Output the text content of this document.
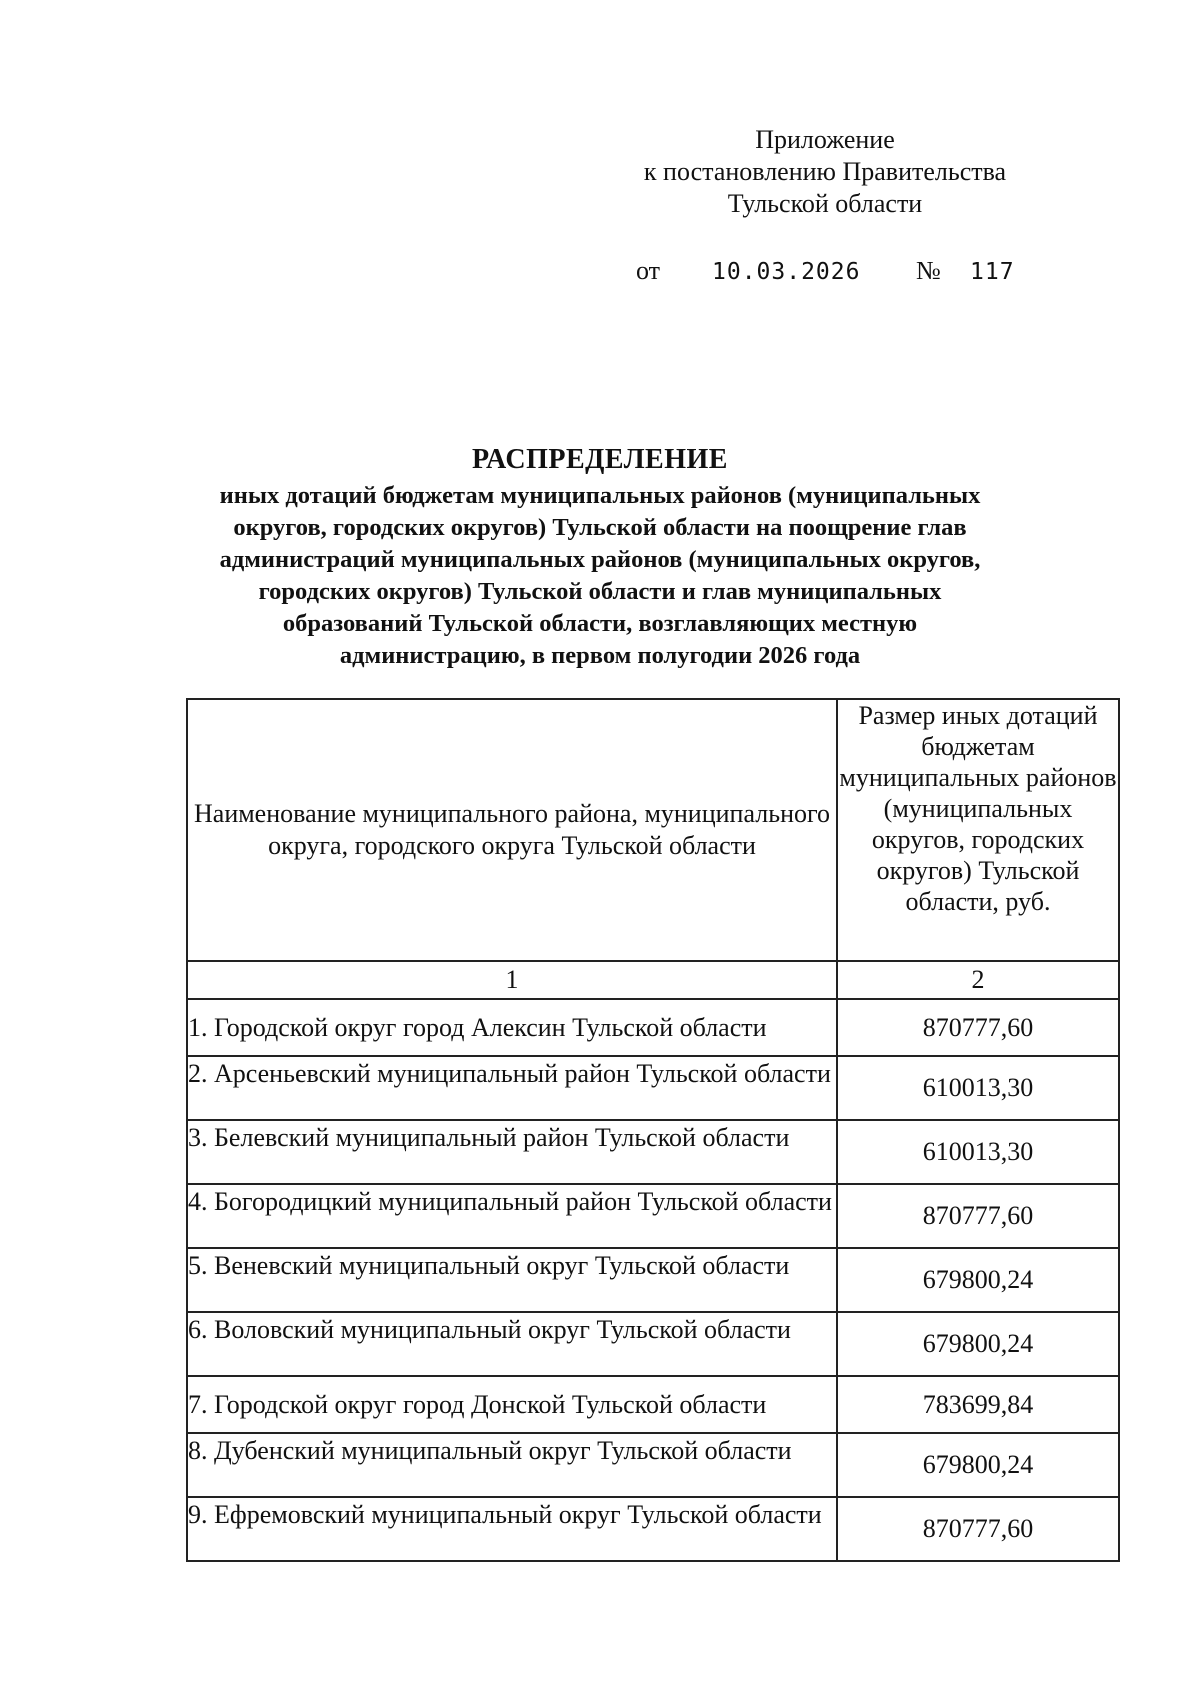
Приложение
к постановлению Правительства
Тульской области
от 10.03.2026 № 117
РАСПРЕДЕЛЕНИЕ
иных дотаций бюджетам муниципальных районов (муниципальных
округов, городских округов) Тульской области на поощрение глав
администраций муниципальных районов (муниципальных округов,
городских округов) Тульской области и глав муниципальных
образований Тульской области, возглавляющих местную
администрацию, в первом полугодии 2026 года
Наименование муниципального района, муниципального округа, городского округа Тульской области	Размер иных дотаций бюджетам муниципальных районов (муниципальных округов, городских округов) Тульской области, руб.
1	2
1. Городской округ город Алексин Тульской области	870777,60
2. Арсеньевский муниципальный район Тульской области	610013,30
3. Белевский муниципальный район Тульской области	610013,30
4. Богородицкий муниципальный район Тульской области	870777,60
5. Веневский муниципальный округ Тульской области	679800,24
6. Воловский муниципальный округ Тульской области	679800,24
7. Городской округ город Донской Тульской области	783699,84
8. Дубенский муниципальный округ Тульской области	679800,24
9. Ефремовский муниципальный округ Тульской области	870777,60
